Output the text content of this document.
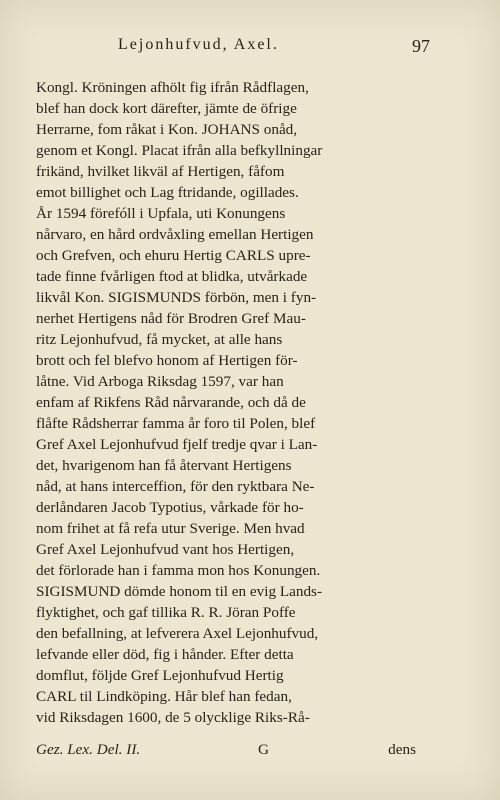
Lejonhufvud, Axel.	97
Kongl. Kröningen afhölt fig ifrån Rådflagen,
blef han dock kort därefter, jämte de öfrige
Herrarne, fom råkat i Kon. JOHANS onåd,
genom et Kongl. Placat ifrån alla befkyllningar
frikänd, hvilket likväl af Hertigen, fåfom
emot billighet och Lag ftridande, ogillades.
År 1594 förefóll i Upfala, uti Konungens
nårvaro, en hård ordvåxling emellan Hertigen
och Grefven, och ehuru Hertig CARLS upre-
tade finne fvårligen ftod at blidka, utvårkade
likvål Kon. SIGISMUNDS förbön, men i fyn-
nerhet Hertigens nåd för Brodren Gref Mau-
ritz Lejonhufvud, få mycket, at alle hans
brott och fel blefvo honom af Hertigen för-
låtne. Vid Arboga Riksdag 1597, var han
enfam af Rikfens Råd nårvarande, och då de
flåfte Rådsherrar famma år foro til Polen, blef
Gref Axel Lejonhufvud fjelf tredje qvar i Lan-
det, hvarigenom han få återvant Hertigens
nåd, at hans interceffion, för den ryktbara Ne-
derlåndaren Jacob Typotius, vårkade för ho-
nom frihet at få refa utur Sverige. Men hvad
Gref Axel Lejonhufvud vant hos Hertigen,
det förlorade han i famma mon hos Konungen.
SIGISMUND dömde honom til en evig Lands-
flyktighet, och gaf tillika R. R. Jöran Poffe
den befallning, at lefverera Axel Lejonhufvud,
lefvande eller död, fig i hånder. Efter detta
domflut, följde Gref Lejonhufvud Hertig
CARL til Lindköping. Hår blef han fedan,
vid Riksdagen 1600, de 5 olycklige Riks-Rå-
Gez. Lex. Del. II.	G	dens
